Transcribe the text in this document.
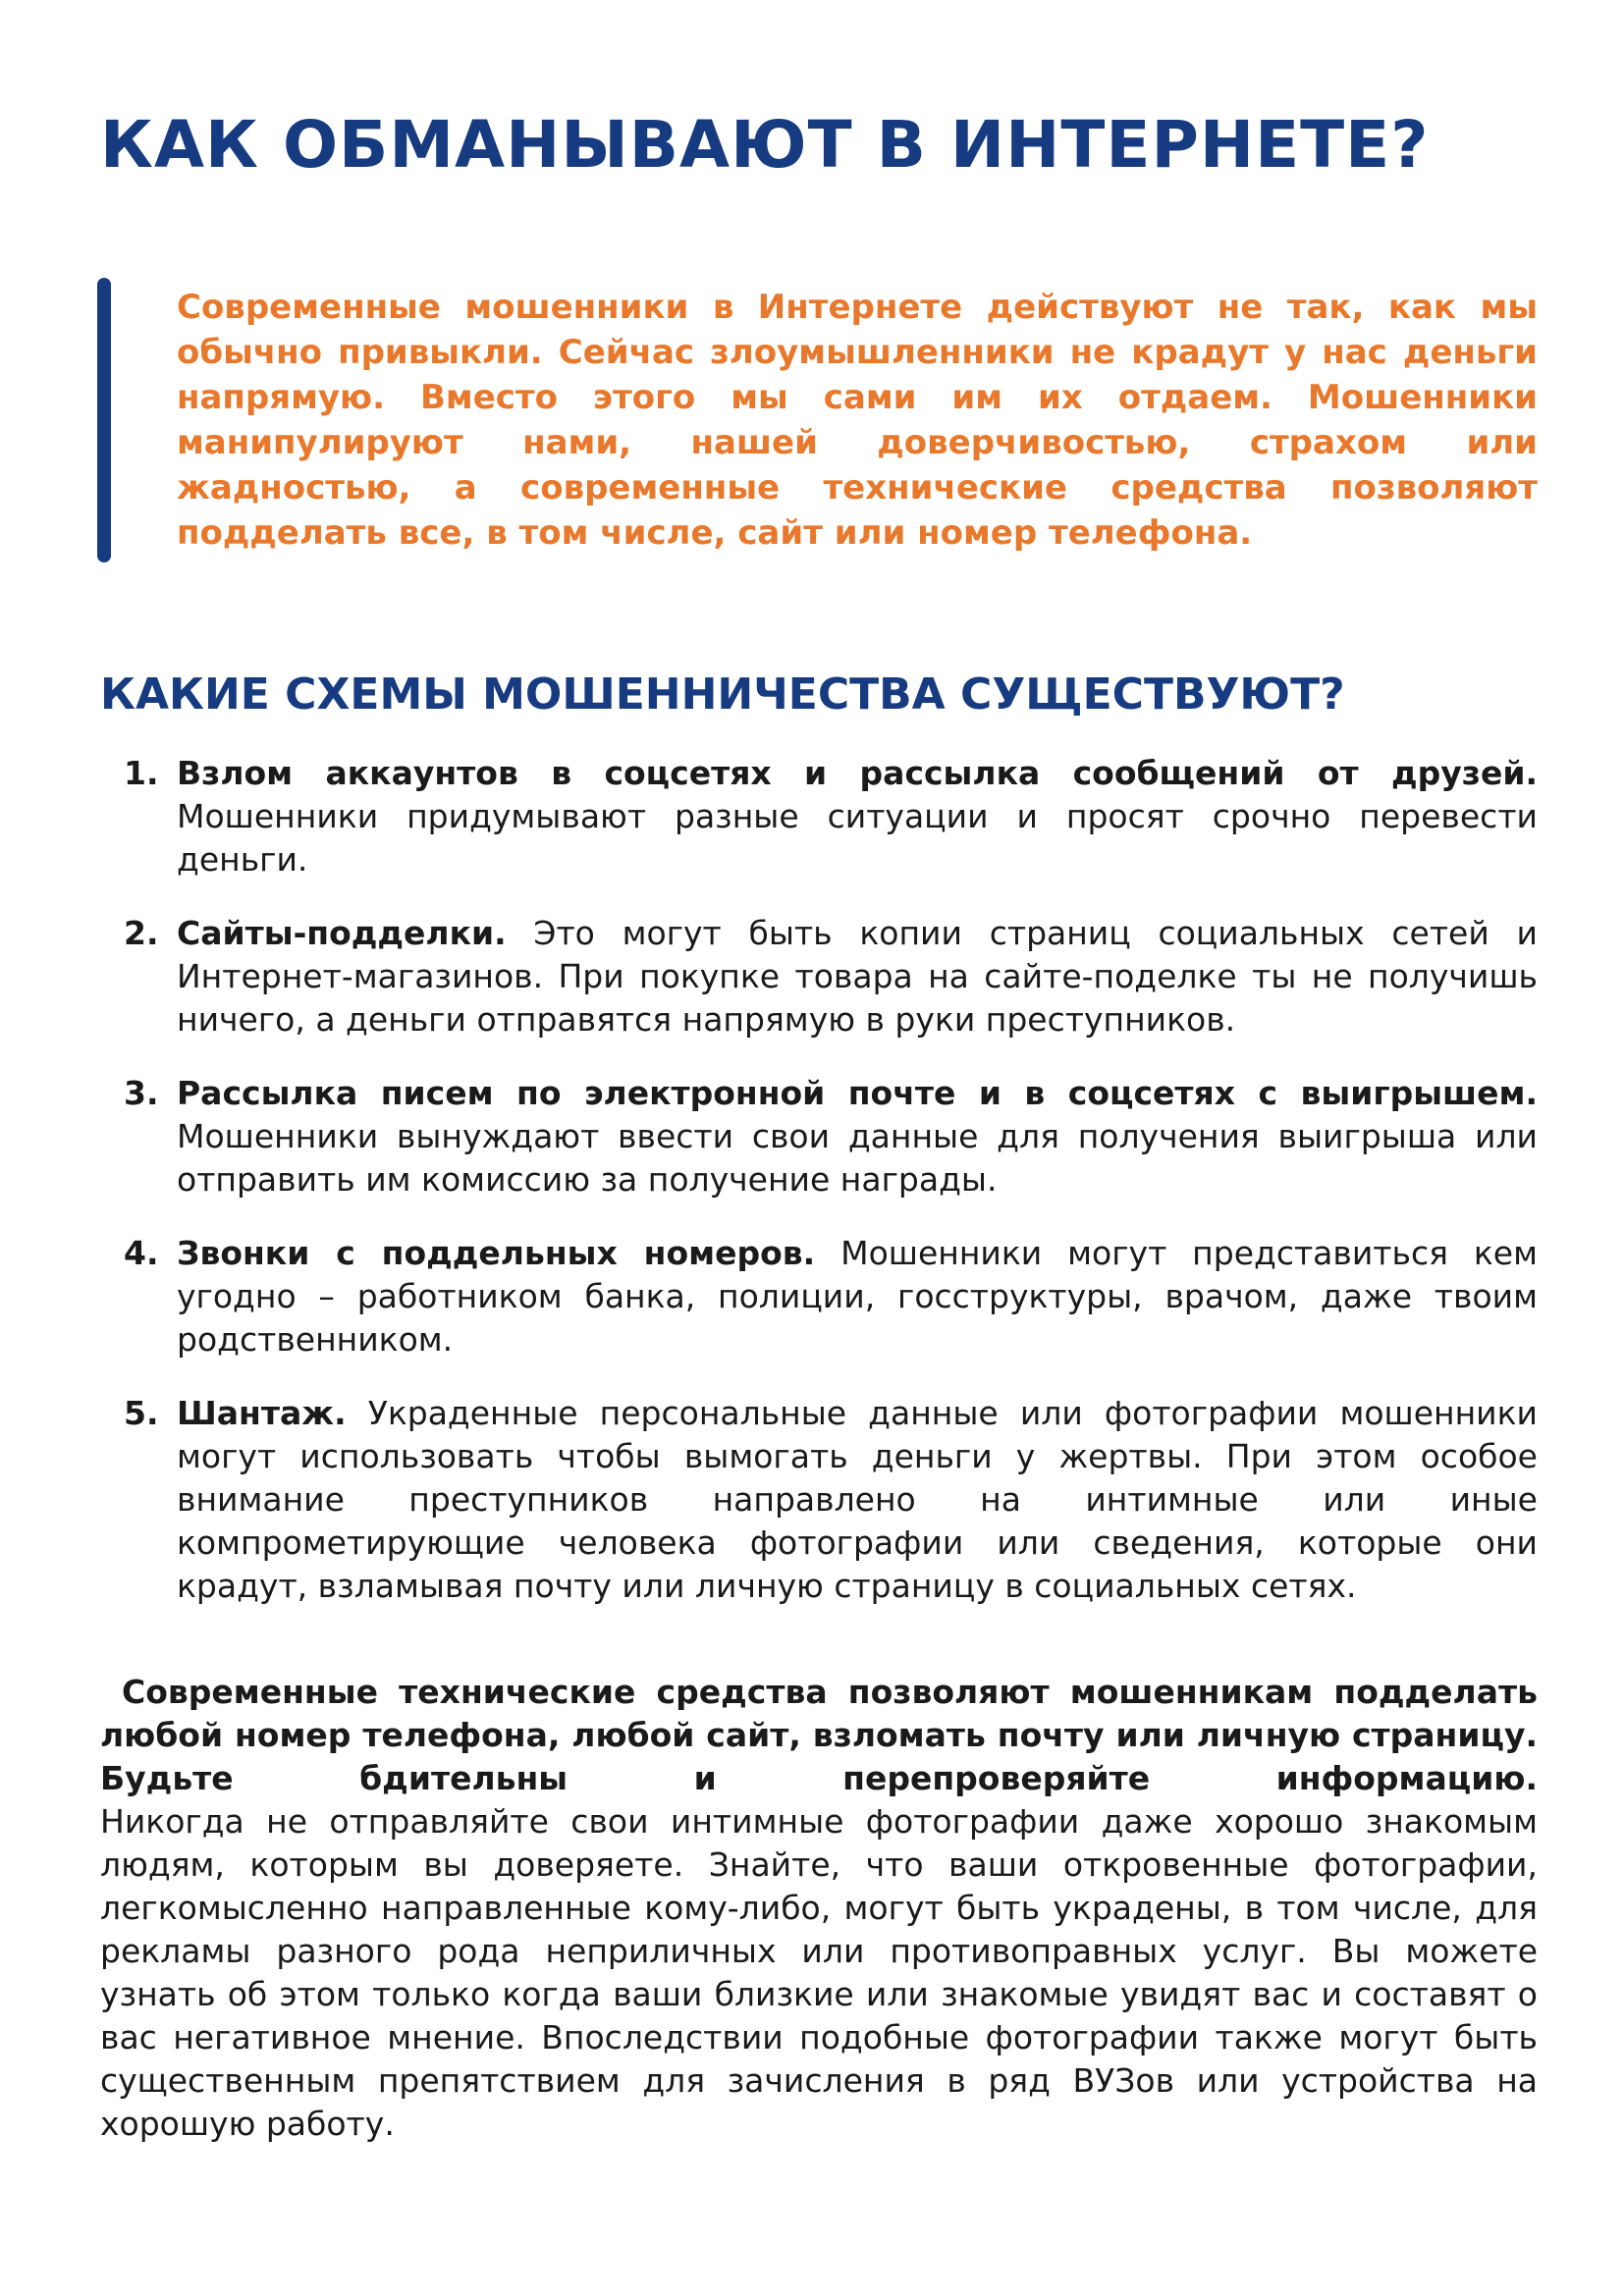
КАК ОБМАНЫВАЮТ В ИНТЕРНЕТЕ?

Современные мошенники в Интернете действуют не так, как мы обычно привыкли. Сейчас злоумышленники не крадут у нас деньги напрямую. Вместо этого мы сами им их отдаем. Мошенники манипулируют нами, нашей доверчивостью, страхом или жадностью, а современные технические средства позволяют подделать все, в том числе, сайт или номер телефона.

КАКИЕ СХЕМЫ МОШЕННИЧЕСТВА СУЩЕСТВУЮТ?
1. Взлом аккаунтов в соцсетях и рассылка сообщений от друзей. Мошенники придумывают разные ситуации и просят срочно перевести деньги.
2. Сайты-подделки. Это могут быть копии страниц социальных сетей и Интернет-магазинов. При покупке товара на сайте-поделке ты не получишь ничего, а деньги отправятся напрямую в руки преступников.
3. Рассылка писем по электронной почте и в соцсетях с выигрышем. Мошенники вынуждают ввести свои данные для получения выигрыша или отправить им комиссию за получение награды.
4. Звонки с поддельных номеров. Мошенники могут представиться кем угодно – работником банка, полиции, госструктуры, врачом, даже твоим родственником.
5. Шантаж. Украденные персональные данные или фотографии мошенники могут использовать чтобы вымогать деньги у жертвы. При этом особое внимание преступников направлено на интимные или иные компрометирующие человека фотографии или сведения, которые они крадут, взламывая почту или личную страницу в социальных сетях.
Современные технические средства позволяют мошенникам подделать любой номер телефона, любой сайт, взломать почту или личную страницу. Будьте бдительны и перепроверяйте информацию.
Никогда не отправляйте свои интимные фотографии даже хорошо знакомым людям, которым вы доверяете. Знайте, что ваши откровенные фотографии, легкомысленно направленные кому-либо, могут быть украдены, в том числе, для рекламы разного рода неприличных или противоправных услуг. Вы можете узнать об этом только когда ваши близкие или знакомые увидят вас и составят о вас негативное мнение. Впоследствии подобные фотографии также могут быть существенным препятствием для зачисления в ряд ВУЗов или устройства на хорошую работу.
